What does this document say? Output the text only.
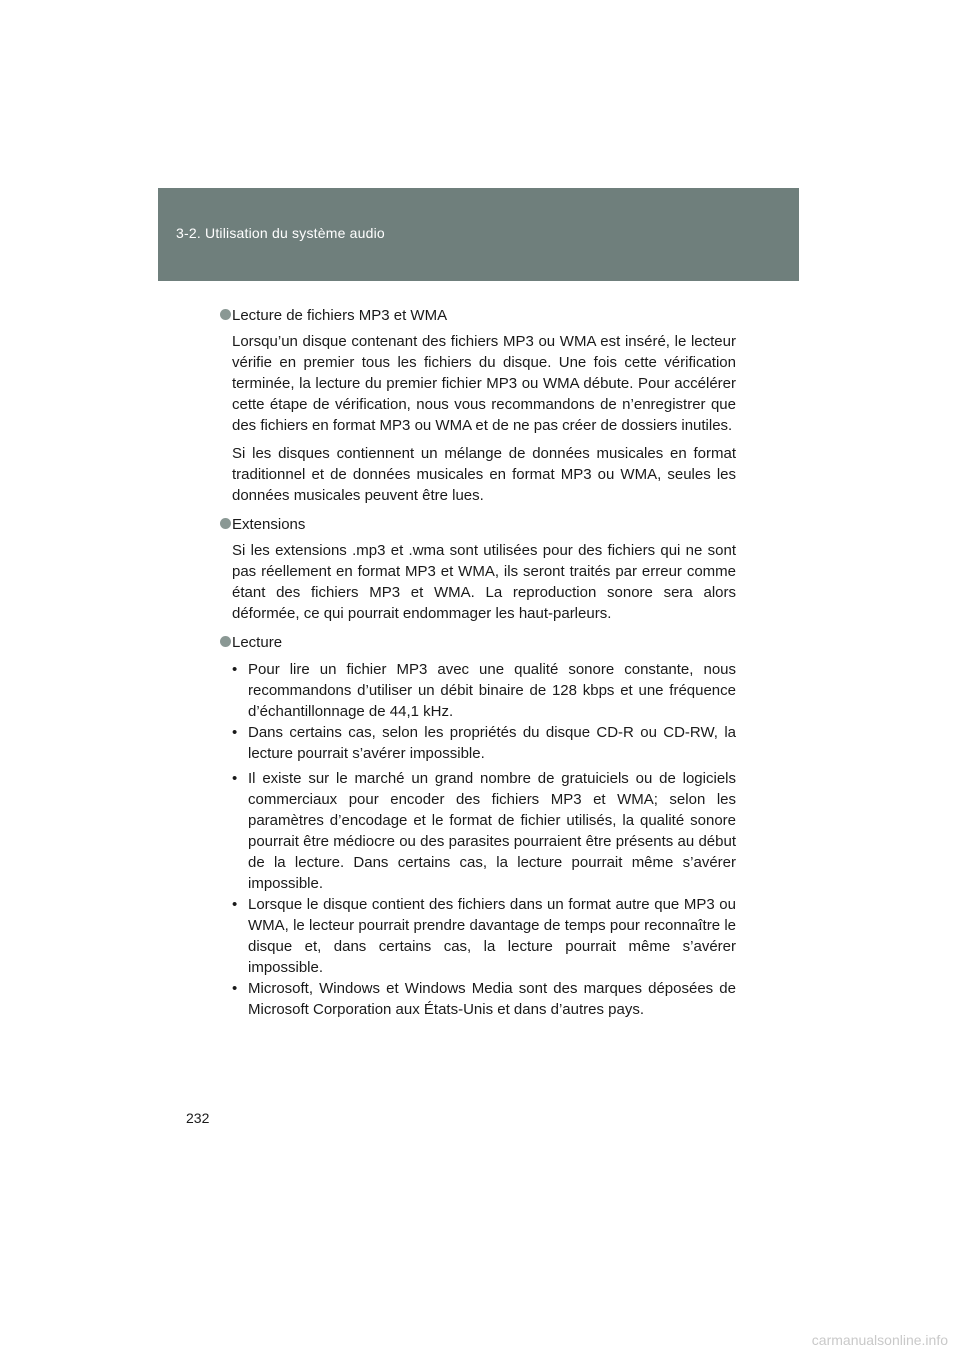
3-2. Utilisation du système audio
Lecture de fichiers MP3 et WMA

Lorsqu’un disque contenant des fichiers MP3 ou WMA est inséré, le lecteur vérifie en premier tous les fichiers du disque. Une fois cette vérification terminée, la lecture du premier fichier MP3 ou WMA débute. Pour accélérer cette étape de vérification, nous vous recommandons de n’enregistrer que des fichiers en format MP3 ou WMA et de ne pas créer de dossiers inutiles.

Si les disques contiennent un mélange de données musicales en format traditionnel et de données musicales en format MP3 ou WMA, seules les données musicales peuvent être lues.

Extensions

Si les extensions .mp3 et .wma sont utilisées pour des fichiers qui ne sont pas réellement en format MP3 et WMA, ils seront traités par erreur comme étant des fichiers MP3 et WMA. La reproduction sonore sera alors déformée, ce qui pourrait endommager les haut-parleurs.

Lecture
• Pour lire un fichier MP3 avec une qualité sonore constante, nous recommandons d’utiliser un débit binaire de 128 kbps et une fréquence d’échantillonnage de 44,1 kHz.
• Dans certains cas, selon les propriétés du disque CD-R ou CD-RW, la lecture pourrait s’avérer impossible.
• Il existe sur le marché un grand nombre de gratuiciels ou de logiciels commerciaux pour encoder des fichiers MP3 et WMA; selon les paramètres d’encodage et le format de fichier utilisés, la qualité sonore pourrait être médiocre ou des parasites pourraient être présents au début de la lecture. Dans certains cas, la lecture pourrait même s’avérer impossible.
• Lorsque le disque contient des fichiers dans un format autre que MP3 ou WMA, le lecteur pourrait prendre davantage de temps pour reconnaître le disque et, dans certains cas, la lecture pourrait même s’avérer impossible.
• Microsoft, Windows et Windows Media sont des marques déposées de Microsoft Corporation aux États-Unis et dans d’autres pays.
232
carmanualsonline.info
